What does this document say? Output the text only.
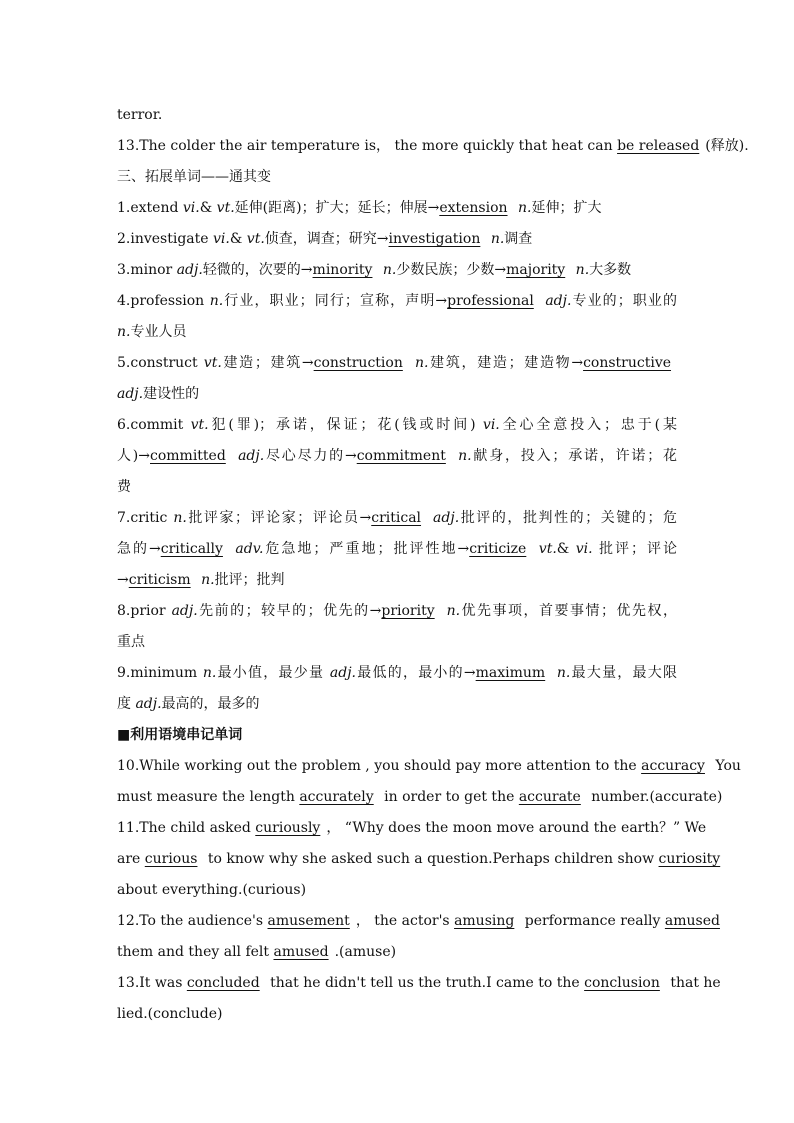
terror.
13.The colder the air temperature is， the more quickly that heat can be released (释放).
三、拓展单词——通其变
1.extend vi.& vt.延伸(距离)；扩大；延长；伸展→extension n.延伸；扩大
2.investigate vi.& vt.侦查，调查；研究→investigation n.调查
3.minor adj.轻微的，次要的→minority n.少数民族；少数→majority n.大多数
4.profession n.行业，职业；同行；宣称，声明→professional adj.专业的；职业的
n.专业人员
5.construct vt.建造；建筑→construction n.建筑，建造；建造物→constructive
adj.建设性的
6.commit vt.犯(罪)；承诺，保证；花(钱或时间) vi.全心全意投入；忠于(某
人)→committed adj.尽心尽力的→commitment n.献身，投入；承诺，许诺；花
费
7.critic n.批评家；评论家；评论员→critical adj.批评的，批判性的；关键的；危
急的→critically adv.危急地；严重地；批评性地→criticize vt.& vi. 批评；评论
→criticism n.批评；批判
8.prior adj.先前的；较早的；优先的→priority n.优先事项，首要事情；优先权，
重点
9.minimum n.最小值，最少量 adj.最低的，最小的→maximum n.最大量，最大限
度 adj.最高的，最多的
■利用语境串记单词
10.While working out the problem , you should pay more attention to the accuracy You
must measure the length accurately in order to get the accurate number.(accurate)
11.The child asked curiously ， “Why does the moon move around the earth？” We
are curious to know why she asked such a question.Perhaps children show curiosity
about everything.(curious)
12.To the audience's amusement ， the actor's amusing performance really amused
them and they all felt amused .(amuse)
13.It was concluded that he didn't tell us the truth.I came to the conclusion that he
lied.(conclude)
